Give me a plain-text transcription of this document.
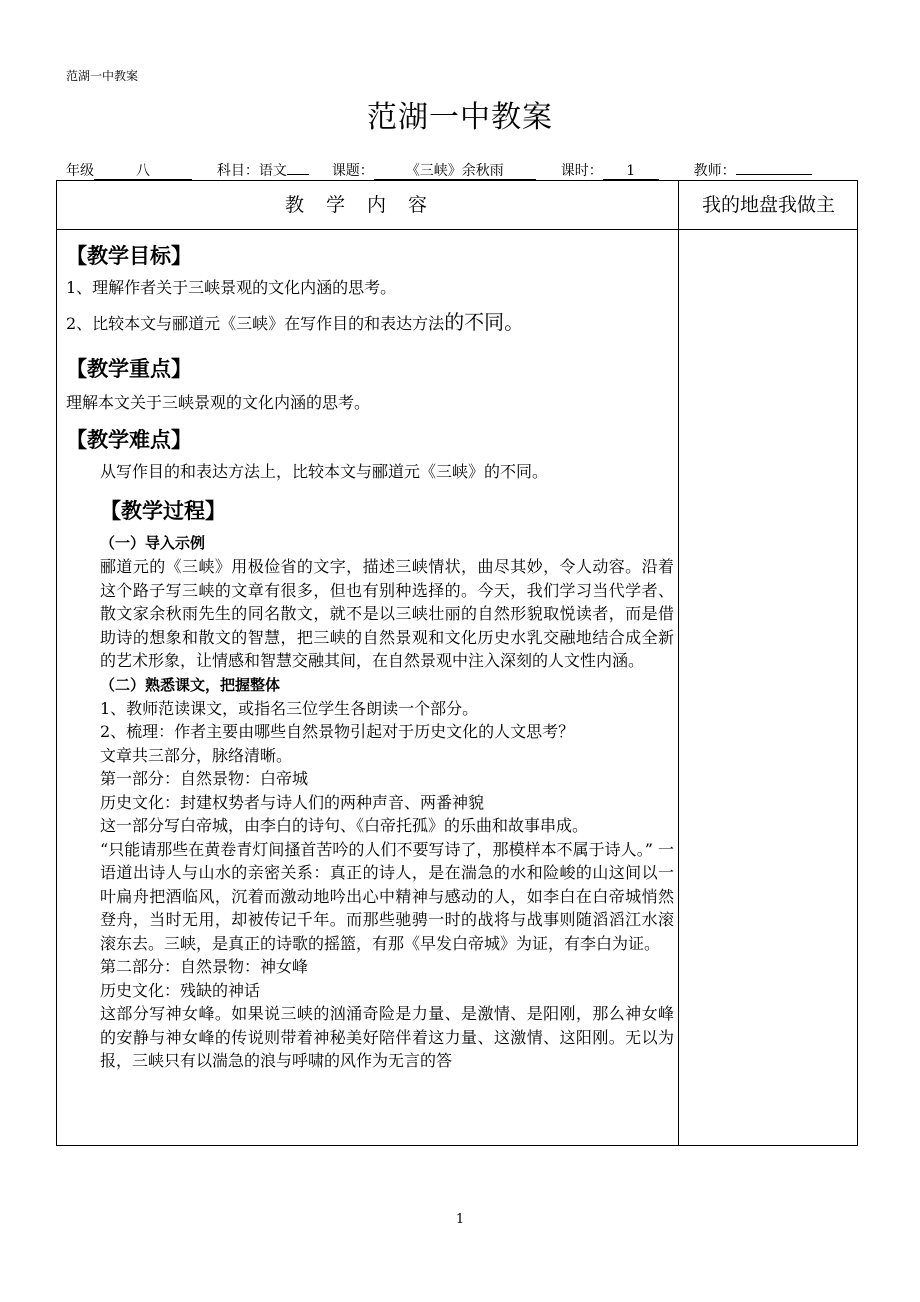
范湖一中教案
范湖一中教案
年级	八	科目：语文	课题： 《三峡》余秋雨	课时： 1	教师：
教学内容	我的地盘我做主
【教学目标】

1、理解作者关于三峡景观的文化内涵的思考。

2、比较本文与郦道元《三峡》在写作目的和表达方法的不同。

【教学重点】

理解本文关于三峡景观的文化内涵的思考。

【教学难点】

从写作目的和表达方法上，比较本文与郦道元《三峡》的不同。

【教学过程】
（一）导入示例
郦道元的《三峡》用极俭省的文字，描述三峡情状，曲尽其妙，令人动容。沿着这个路子写三峡的文章有很多，但也有别种选择的。今天，我们学习当代学者、散文家余秋雨先生的同名散文，就不是以三峡壮丽的自然形貌取悦读者，而是借助诗的想象和散文的智慧，把三峡的自然景观和文化历史水乳交融地结合成全新的艺术形象，让情感和智慧交融其间，在自然景观中注入深刻的人文性内涵。
（二）熟悉课文，把握整体
1、教师范读课文，或指名三位学生各朗读一个部分。
2、梳理：作者主要由哪些自然景物引起对于历史文化的人文思考？
文章共三部分，脉络清晰。
第一部分：自然景物：白帝城
历史文化：封建权势者与诗人们的两种声音、两番神貌
这一部分写白帝城，由李白的诗句、《白帝托孤》的乐曲和故事串成。
“只能请那些在黄卷青灯间搔首苦吟的人们不要写诗了，那模样本不属于诗人。” 一语道出诗人与山水的亲密关系：真正的诗人，是在湍急的水和险峻的山这间以一叶扁舟把酒临风，沉着而激动地吟出心中精神与感动的人，如李白在白帝城悄然登舟，当时无用，却被传记千年。而那些驰骋一时的战将与战事则随滔滔江水滚滚东去。三峡，是真正的诗歌的摇篮，有那《早发白帝城》为证，有李白为证。
第二部分：自然景物：神女峰
历史文化：残缺的神话
这部分写神女峰。如果说三峡的汹涌奇险是力量、是激情、是阳刚，那么神女峰的安静与神女峰的传说则带着神秘美好陪伴着这力量、这激情、这阳刚。无以为报，三峡只有以湍急的浪与呼啸的风作为无言的答
1
